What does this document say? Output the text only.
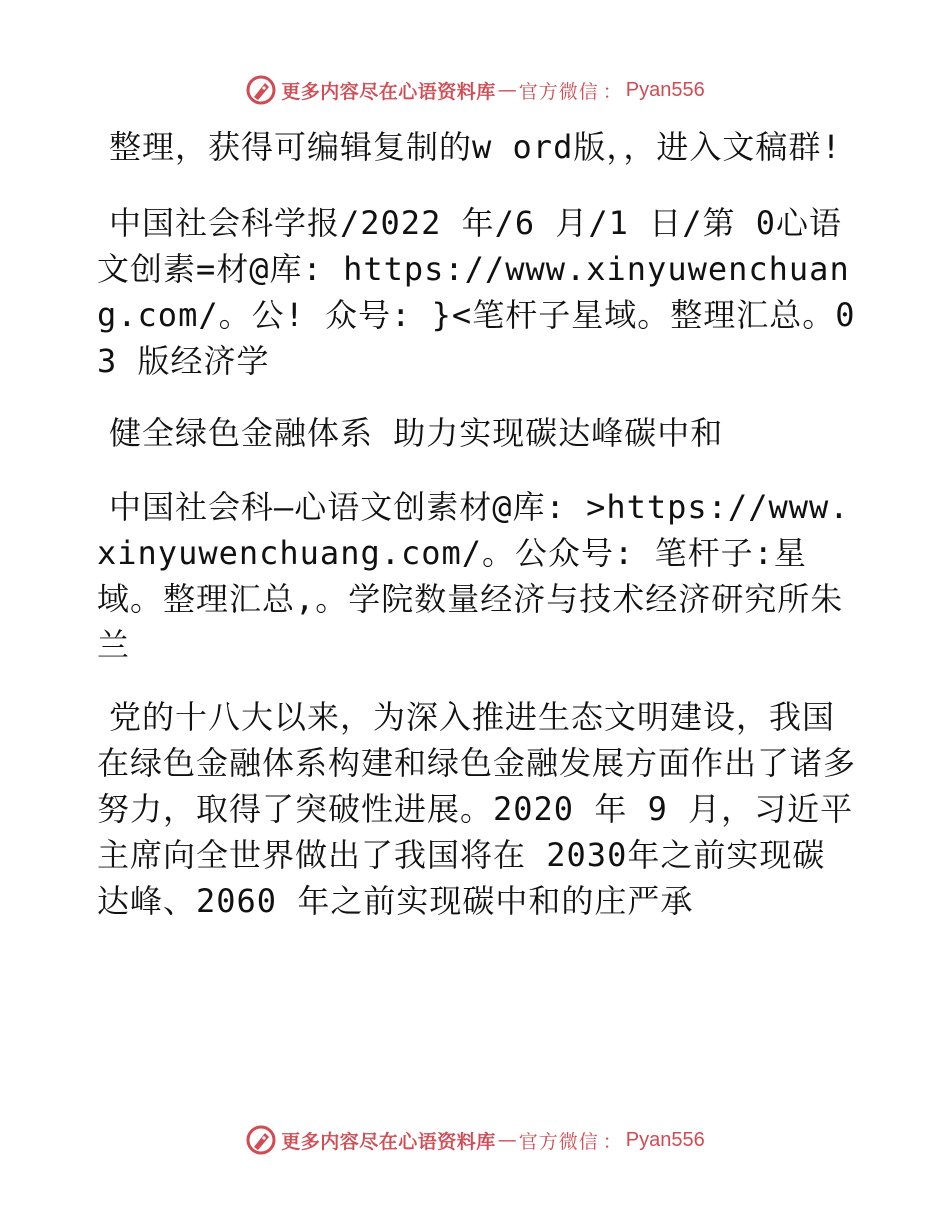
更多内容尽在心语资料库 — 官方微信 ： Pyan556

整理，获得可编辑复制的w ord版，，进入文稿群!

中国社会科学报/2022 年/6 月/1 日/第 0心语文创素=材@库: https://www.xinyuwenchuang.com/。公! 众号: }<笔杆子星域。整理汇总。03 版经济学

健全绿色金融体系 助力实现碳达峰碳中和

中国社会科—心语文创素材@库: >https://www.xinyuwenchuang.com/。公众号: 笔杆子:星域。整理汇总,。学院数量经济与技术经济研究所朱兰

党的十八大以来，为深入推进生态文明建设，我国在绿色金融体系构建和绿色金融发展方面作出了诸多努力，取得了突破性进展。2020 年 9 月，习近平主席向全世界做出了我国将在 2030年之前实现碳达峰、2060 年之前实现碳中和的庄严承

更多内容尽在心语资料库 — 官方微信 ： Pyan556
